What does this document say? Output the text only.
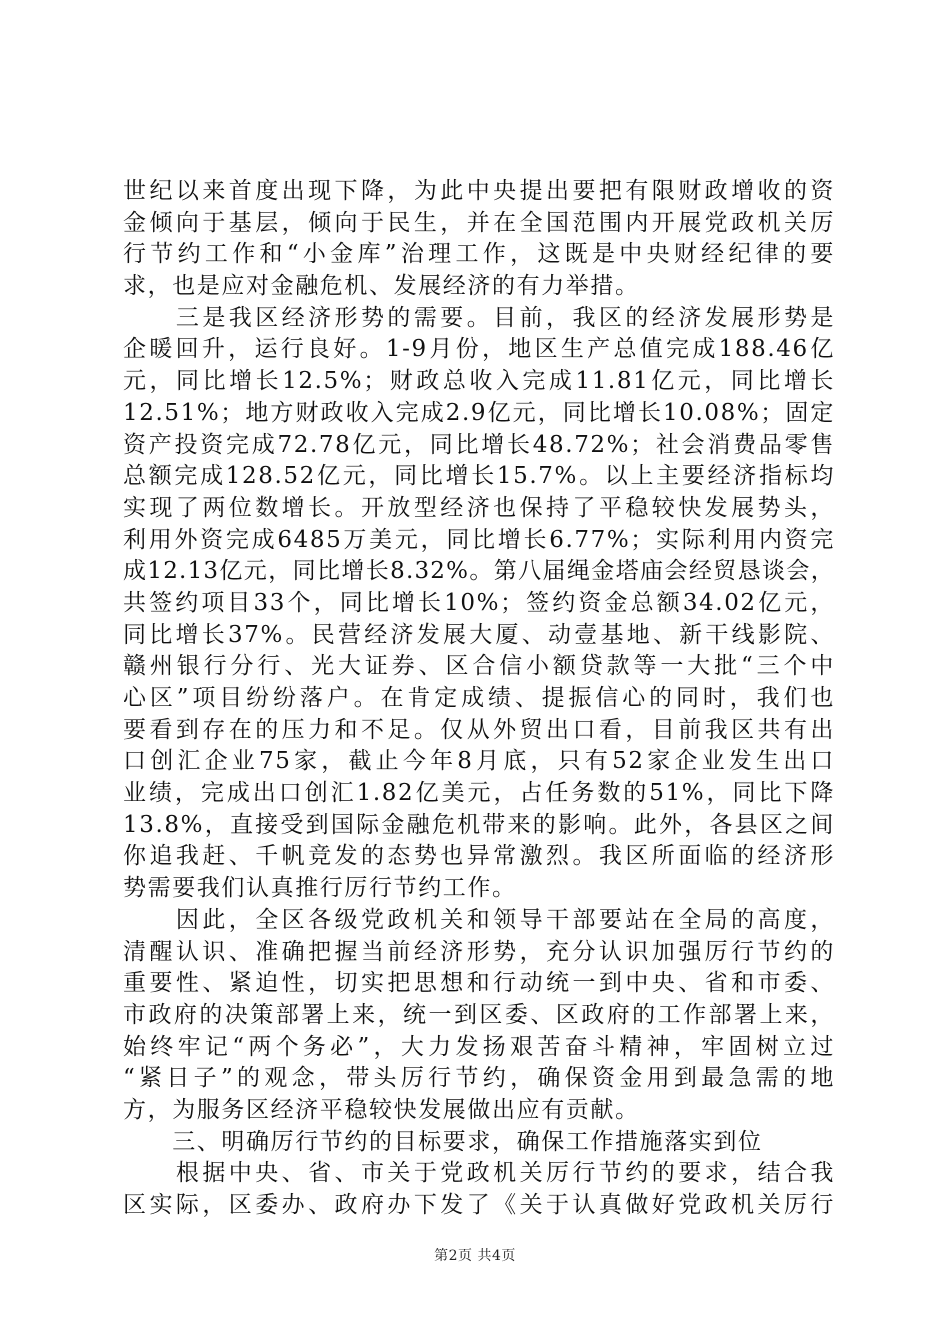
世纪以来首度出现下降，为此中央提出要把有限财政增收的资
金倾向于基层，倾向于民生，并在全国范围内开展党政机关厉
行节约工作和“小金库”治理工作，这既是中央财经纪律的要
求，也是应对金融危机、发展经济的有力举措。
　　三是我区经济形势的需要。目前，我区的经济发展形势是
企暖回升，运行良好。1-9月份，地区生产总值完成188.46亿
元，同比增长12.5%；财政总收入完成11.81亿元，同比增长
12.51%；地方财政收入完成2.9亿元，同比增长10.08%；固定
资产投资完成72.78亿元，同比增长48.72%；社会消费品零售
总额完成128.52亿元，同比增长15.7%。以上主要经济指标均
实现了两位数增长。开放型经济也保持了平稳较快发展势头，
利用外资完成6485万美元，同比增长6.77%；实际利用内资完
成12.13亿元，同比增长8.32%。第八届绳金塔庙会经贸恳谈会，
共签约项目33个，同比增长10%；签约资金总额34.02亿元，
同比增长37%。民营经济发展大厦、动壹基地、新干线影院、
赣州银行分行、光大证券、区合信小额贷款等一大批“三个中
心区”项目纷纷落户。在肯定成绩、提振信心的同时，我们也
要看到存在的压力和不足。仅从外贸出口看，目前我区共有出
口创汇企业75家，截止今年8月底，只有52家企业发生出口
业绩，完成出口创汇1.82亿美元，占任务数的51%，同比下降
13.8%，直接受到国际金融危机带来的影响。此外，各县区之间
你追我赶、千帆竞发的态势也异常激烈。我区所面临的经济形
势需要我们认真推行厉行节约工作。
　　因此，全区各级党政机关和领导干部要站在全局的高度，
清醒认识、准确把握当前经济形势，充分认识加强厉行节约的
重要性、紧迫性，切实把思想和行动统一到中央、省和市委、
市政府的决策部署上来，统一到区委、区政府的工作部署上来，
始终牢记“两个务必”，大力发扬艰苦奋斗精神，牢固树立过
“紧日子”的观念，带头厉行节约，确保资金用到最急需的地
方，为服务区经济平稳较快发展做出应有贡献。
　　三、明确厉行节约的目标要求，确保工作措施落实到位
　　根据中央、省、市关于党政机关厉行节约的要求，结合我
区实际，区委办、政府办下发了《关于认真做好党政机关厉行
第2页 共4页
